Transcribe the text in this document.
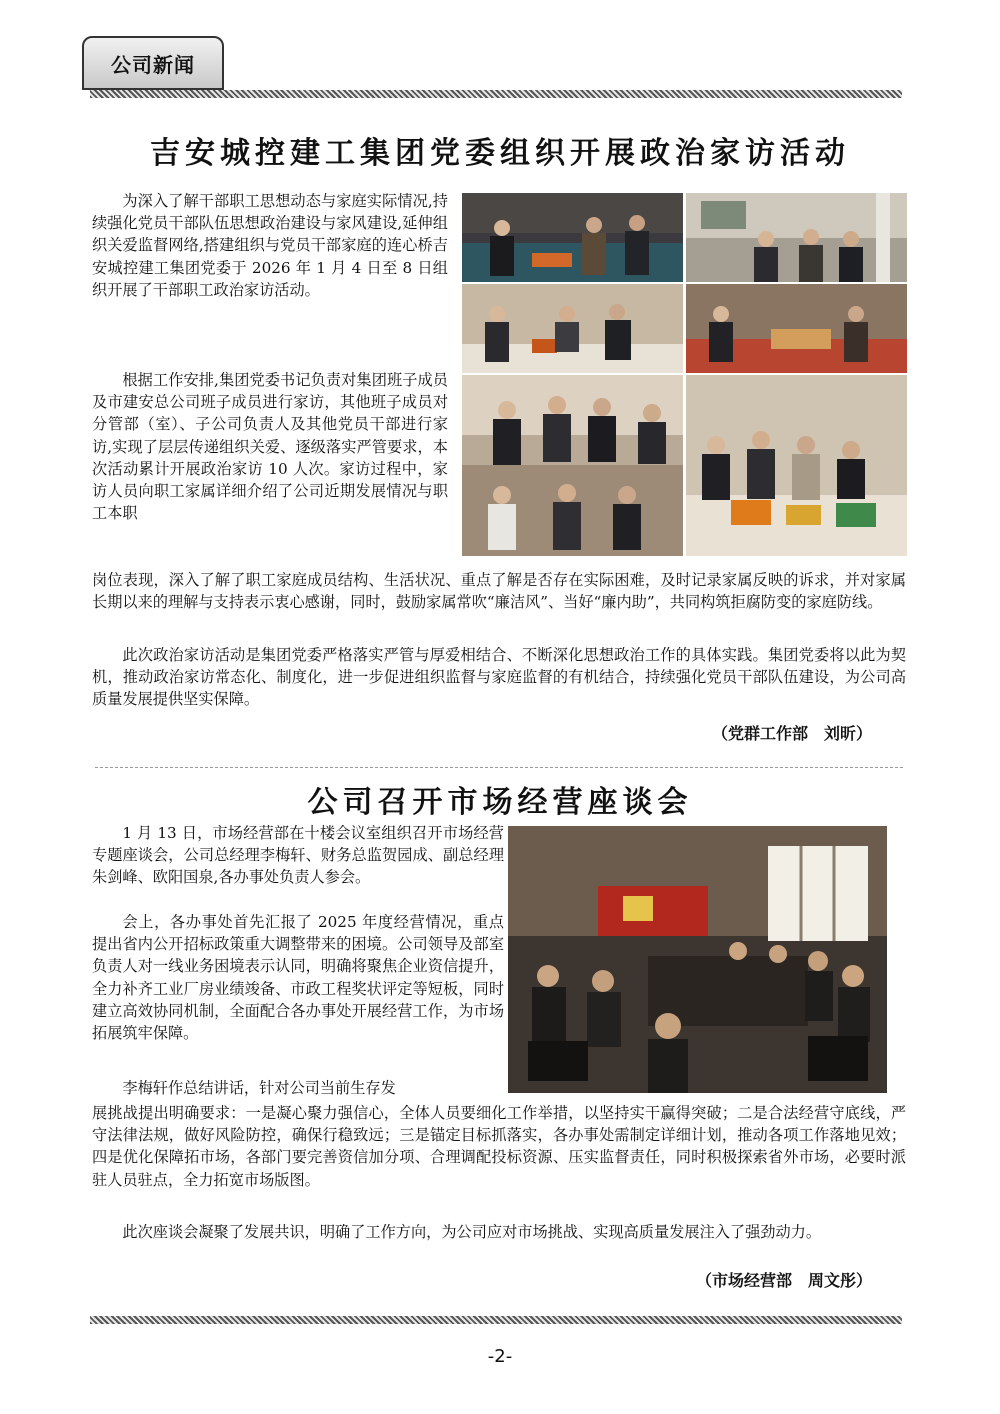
公司新闻
吉安城控建工集团党委组织开展政治家访活动

为深入了解干部职工思想动态与家庭实际情况,持续强化党员干部队伍思想政治建设与家风建设,延伸组织关爱监督网络,搭建组织与党员干部家庭的连心桥吉安城控建工集团党委于 2026 年 1 月 4 日至 8 日组织开展了干部职工政治家访活动。

根据工作安排,集团党委书记负责对集团班子成员及市建安总公司班子成员进行家访，其他班子成员对分管部（室）、子公司负责人及其他党员干部进行家访,实现了层层传递组织关爱、逐级落实严管要求，本次活动累计开展政治家访 10 人次。家访过程中，家访人员向职工家属详细介绍了公司近期发展情况与职工本职

岗位表现，深入了解了职工家庭成员结构、生活状况、重点了解是否存在实际困难，及时记录家属反映的诉求，并对家属长期以来的理解与支持表示衷心感谢，同时，鼓励家属常吹“廉洁风”、当好“廉内助”，共同构筑拒腐防变的家庭防线。

此次政治家访活动是集团党委严格落实严管与厚爱相结合、不断深化思想政治工作的具体实践。集团党委将以此为契机，推动政治家访常态化、制度化，进一步促进组织监督与家庭监督的有机结合，持续强化党员干部队伍建设，为公司高质量发展提供坚实保障。

（党群工作部　刘昕）
公司召开市场经营座谈会

1 月 13 日，市场经营部在十楼会议室组织召开市场经营专题座谈会，公司总经理李梅轩、财务总监贺园成、副总经理朱剑峰、欧阳国泉,各办事处负责人参会。

会上，各办事处首先汇报了 2025 年度经营情况，重点提出省内公开招标政策重大调整带来的困境。公司领导及部室负责人对一线业务困境表示认同，明确将聚焦企业资信提升，全力补齐工业厂房业绩竣备、市政工程奖状评定等短板，同时建立高效协同机制，全面配合各办事处开展经营工作，为市场拓展筑牢保障。

李梅轩作总结讲话，针对公司当前生存发

展挑战提出明确要求：一是凝心聚力强信心，全体人员要细化工作举措，以坚持实干赢得突破；二是合法经营守底线，严守法律法规，做好风险防控，确保行稳致远；三是锚定目标抓落实，各办事处需制定详细计划，推动各项工作落地见效；四是优化保障拓市场，各部门要完善资信加分项、合理调配投标资源、压实监督责任，同时积极探索省外市场，必要时派驻人员驻点，全力拓宽市场版图。

此次座谈会凝聚了发展共识，明确了工作方向，为公司应对市场挑战、实现高质量发展注入了强劲动力。

（市场经营部　周文彤）
-2-
